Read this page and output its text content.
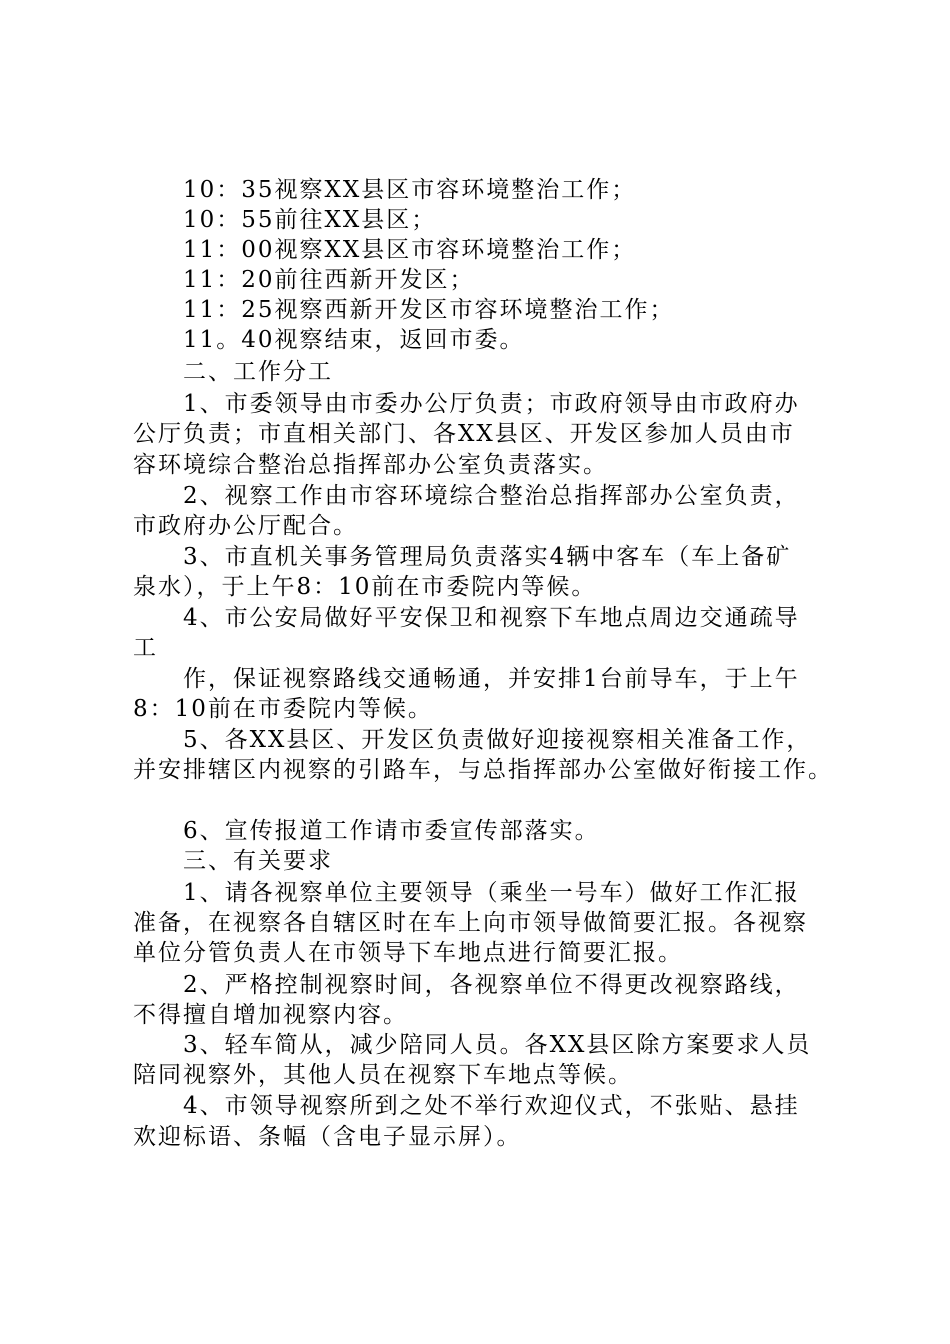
10：35视察XX县区市容环境整治工作；
10：55前往XX县区；
11：00视察XX县区市容环境整治工作；
11：20前往西新开发区；
11：25视察西新开发区市容环境整治工作；
11。40视察结束，返回市委。
二、工作分工
1、市委领导由市委办公厅负责；市政府领导由市政府办
公厅负责；市直相关部门、各XX县区、开发区参加人员由市
容环境综合整治总指挥部办公室负责落实。
2、视察工作由市容环境综合整治总指挥部办公室负责，
市政府办公厅配合。
3、市直机关事务管理局负责落实4辆中客车（车上备矿
泉水），于上午8：10前在市委院内等候。
4、市公安局做好平安保卫和视察下车地点周边交通疏导
工
作，保证视察路线交通畅通，并安排1台前导车，于上午
8：10前在市委院内等候。
5、各XX县区、开发区负责做好迎接视察相关准备工作，
并安排辖区内视察的引路车，与总指挥部办公室做好衔接工作。
6、宣传报道工作请市委宣传部落实。
三、有关要求
1、请各视察单位主要领导（乘坐一号车）做好工作汇报
准备，在视察各自辖区时在车上向市领导做简要汇报。各视察
单位分管负责人在市领导下车地点进行简要汇报。
2、严格控制视察时间，各视察单位不得更改视察路线，
不得擅自增加视察内容。
3、轻车简从，减少陪同人员。各XX县区除方案要求人员
陪同视察外，其他人员在视察下车地点等候。
4、市领导视察所到之处不举行欢迎仪式，不张贴、悬挂
欢迎标语、条幅（含电子显示屏）。
